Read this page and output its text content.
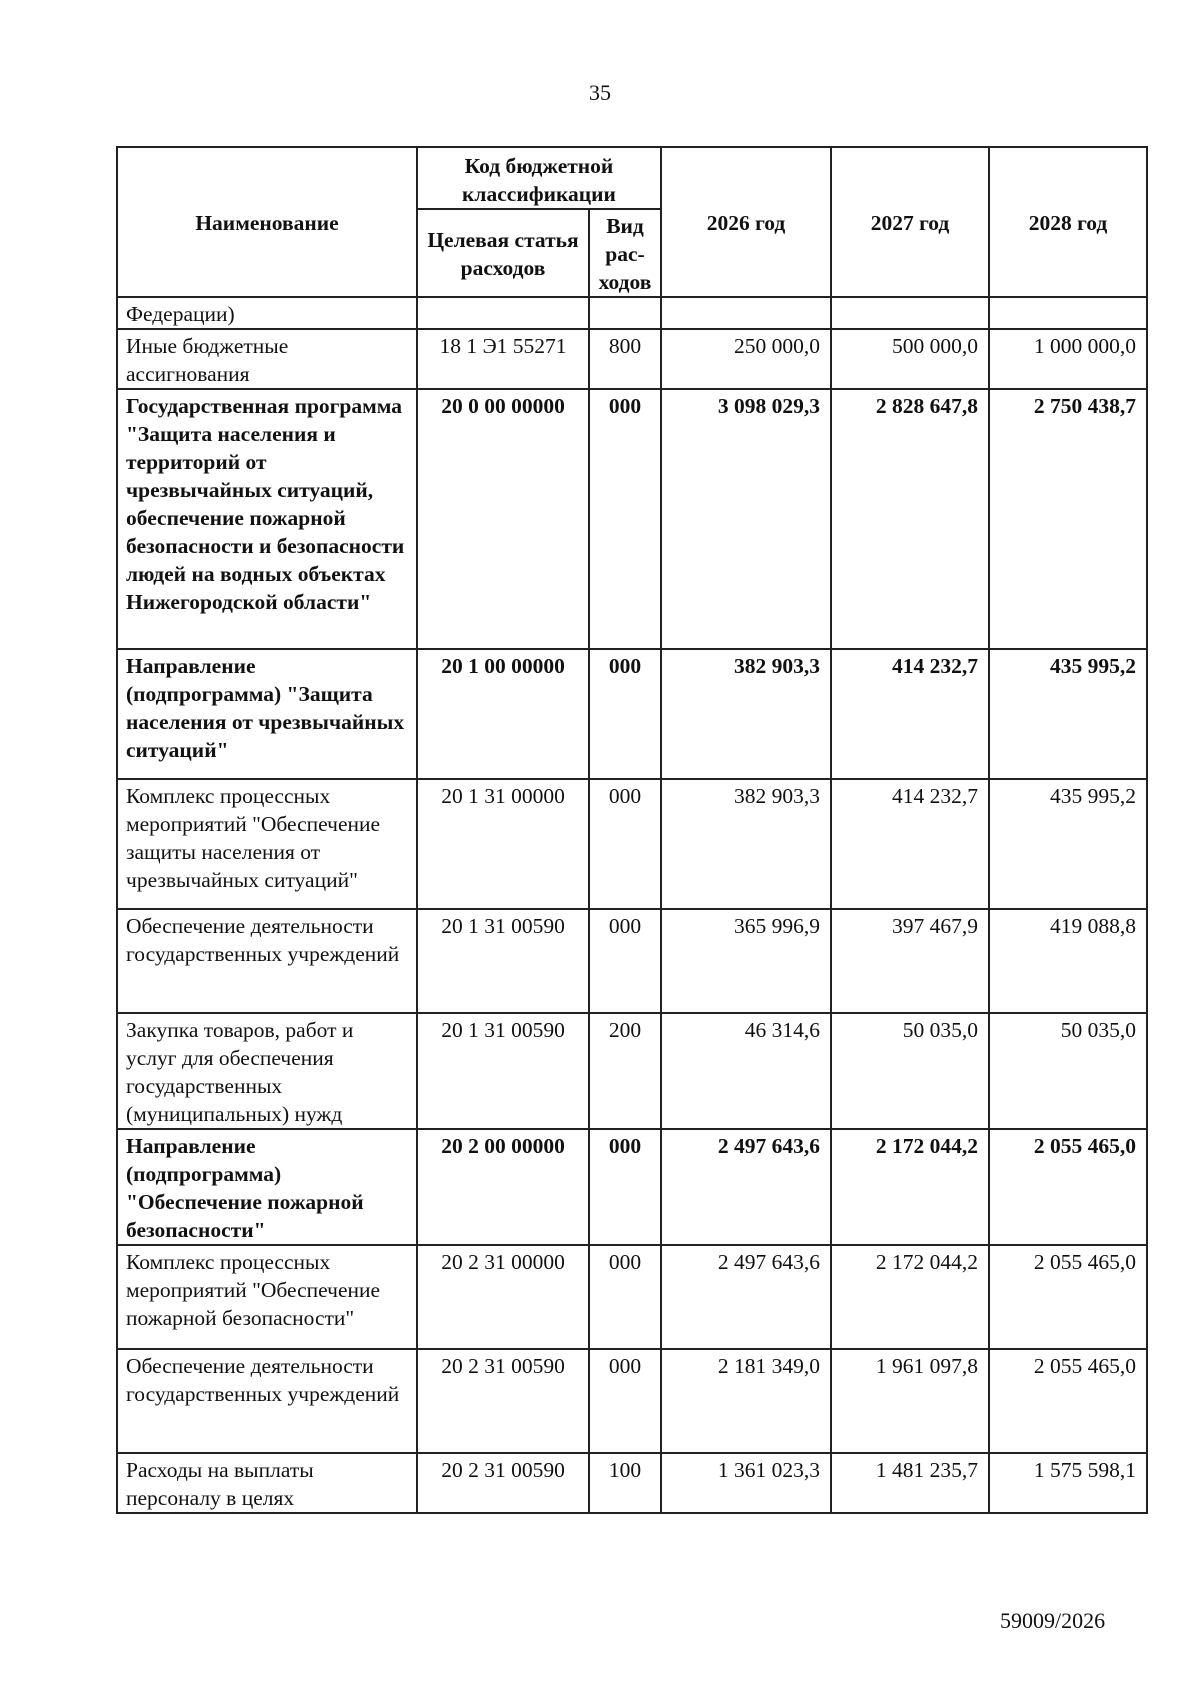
35
Наименование	Код бюджетной классификации		2026 год	2027 год	2028 год
	Целевая статья расходов	Вид рас-ходов			
Федерации)					
Иные бюджетные ассигнования	18 1 Э1 55271	800	250 000,0	500 000,0	1 000 000,0
Государственная программа "Защита населения и территорий от чрезвычайных ситуаций, обеспечение пожарной безопасности и безопасности людей на водных объектах Нижегородской области"	20 0 00 00000	000	3 098 029,3	2 828 647,8	2 750 438,7
Направление (подпрограмма) "Защита населения от чрезвычайных ситуаций"	20 1 00 00000	000	382 903,3	414 232,7	435 995,2
Комплекс процессных мероприятий "Обеспечение защиты населения от чрезвычайных ситуаций"	20 1 31 00000	000	382 903,3	414 232,7	435 995,2
Обеспечение деятельности государственных учреждений	20 1 31 00590	000	365 996,9	397 467,9	419 088,8
Закупка товаров, работ и услуг для обеспечения государственных (муниципальных) нужд	20 1 31 00590	200	46 314,6	50 035,0	50 035,0
Направление (подпрограмма) "Обеспечение пожарной безопасности"	20 2 00 00000	000	2 497 643,6	2 172 044,2	2 055 465,0
Комплекс процессных мероприятий "Обеспечение пожарной безопасности"	20 2 31 00000	000	2 497 643,6	2 172 044,2	2 055 465,0
Обеспечение деятельности государственных учреждений	20 2 31 00590	000	2 181 349,0	1 961 097,8	2 055 465,0
Расходы на выплаты персоналу в целях	20 2 31 00590	100	1 361 023,3	1 481 235,7	1 575 598,1
59009/2026
